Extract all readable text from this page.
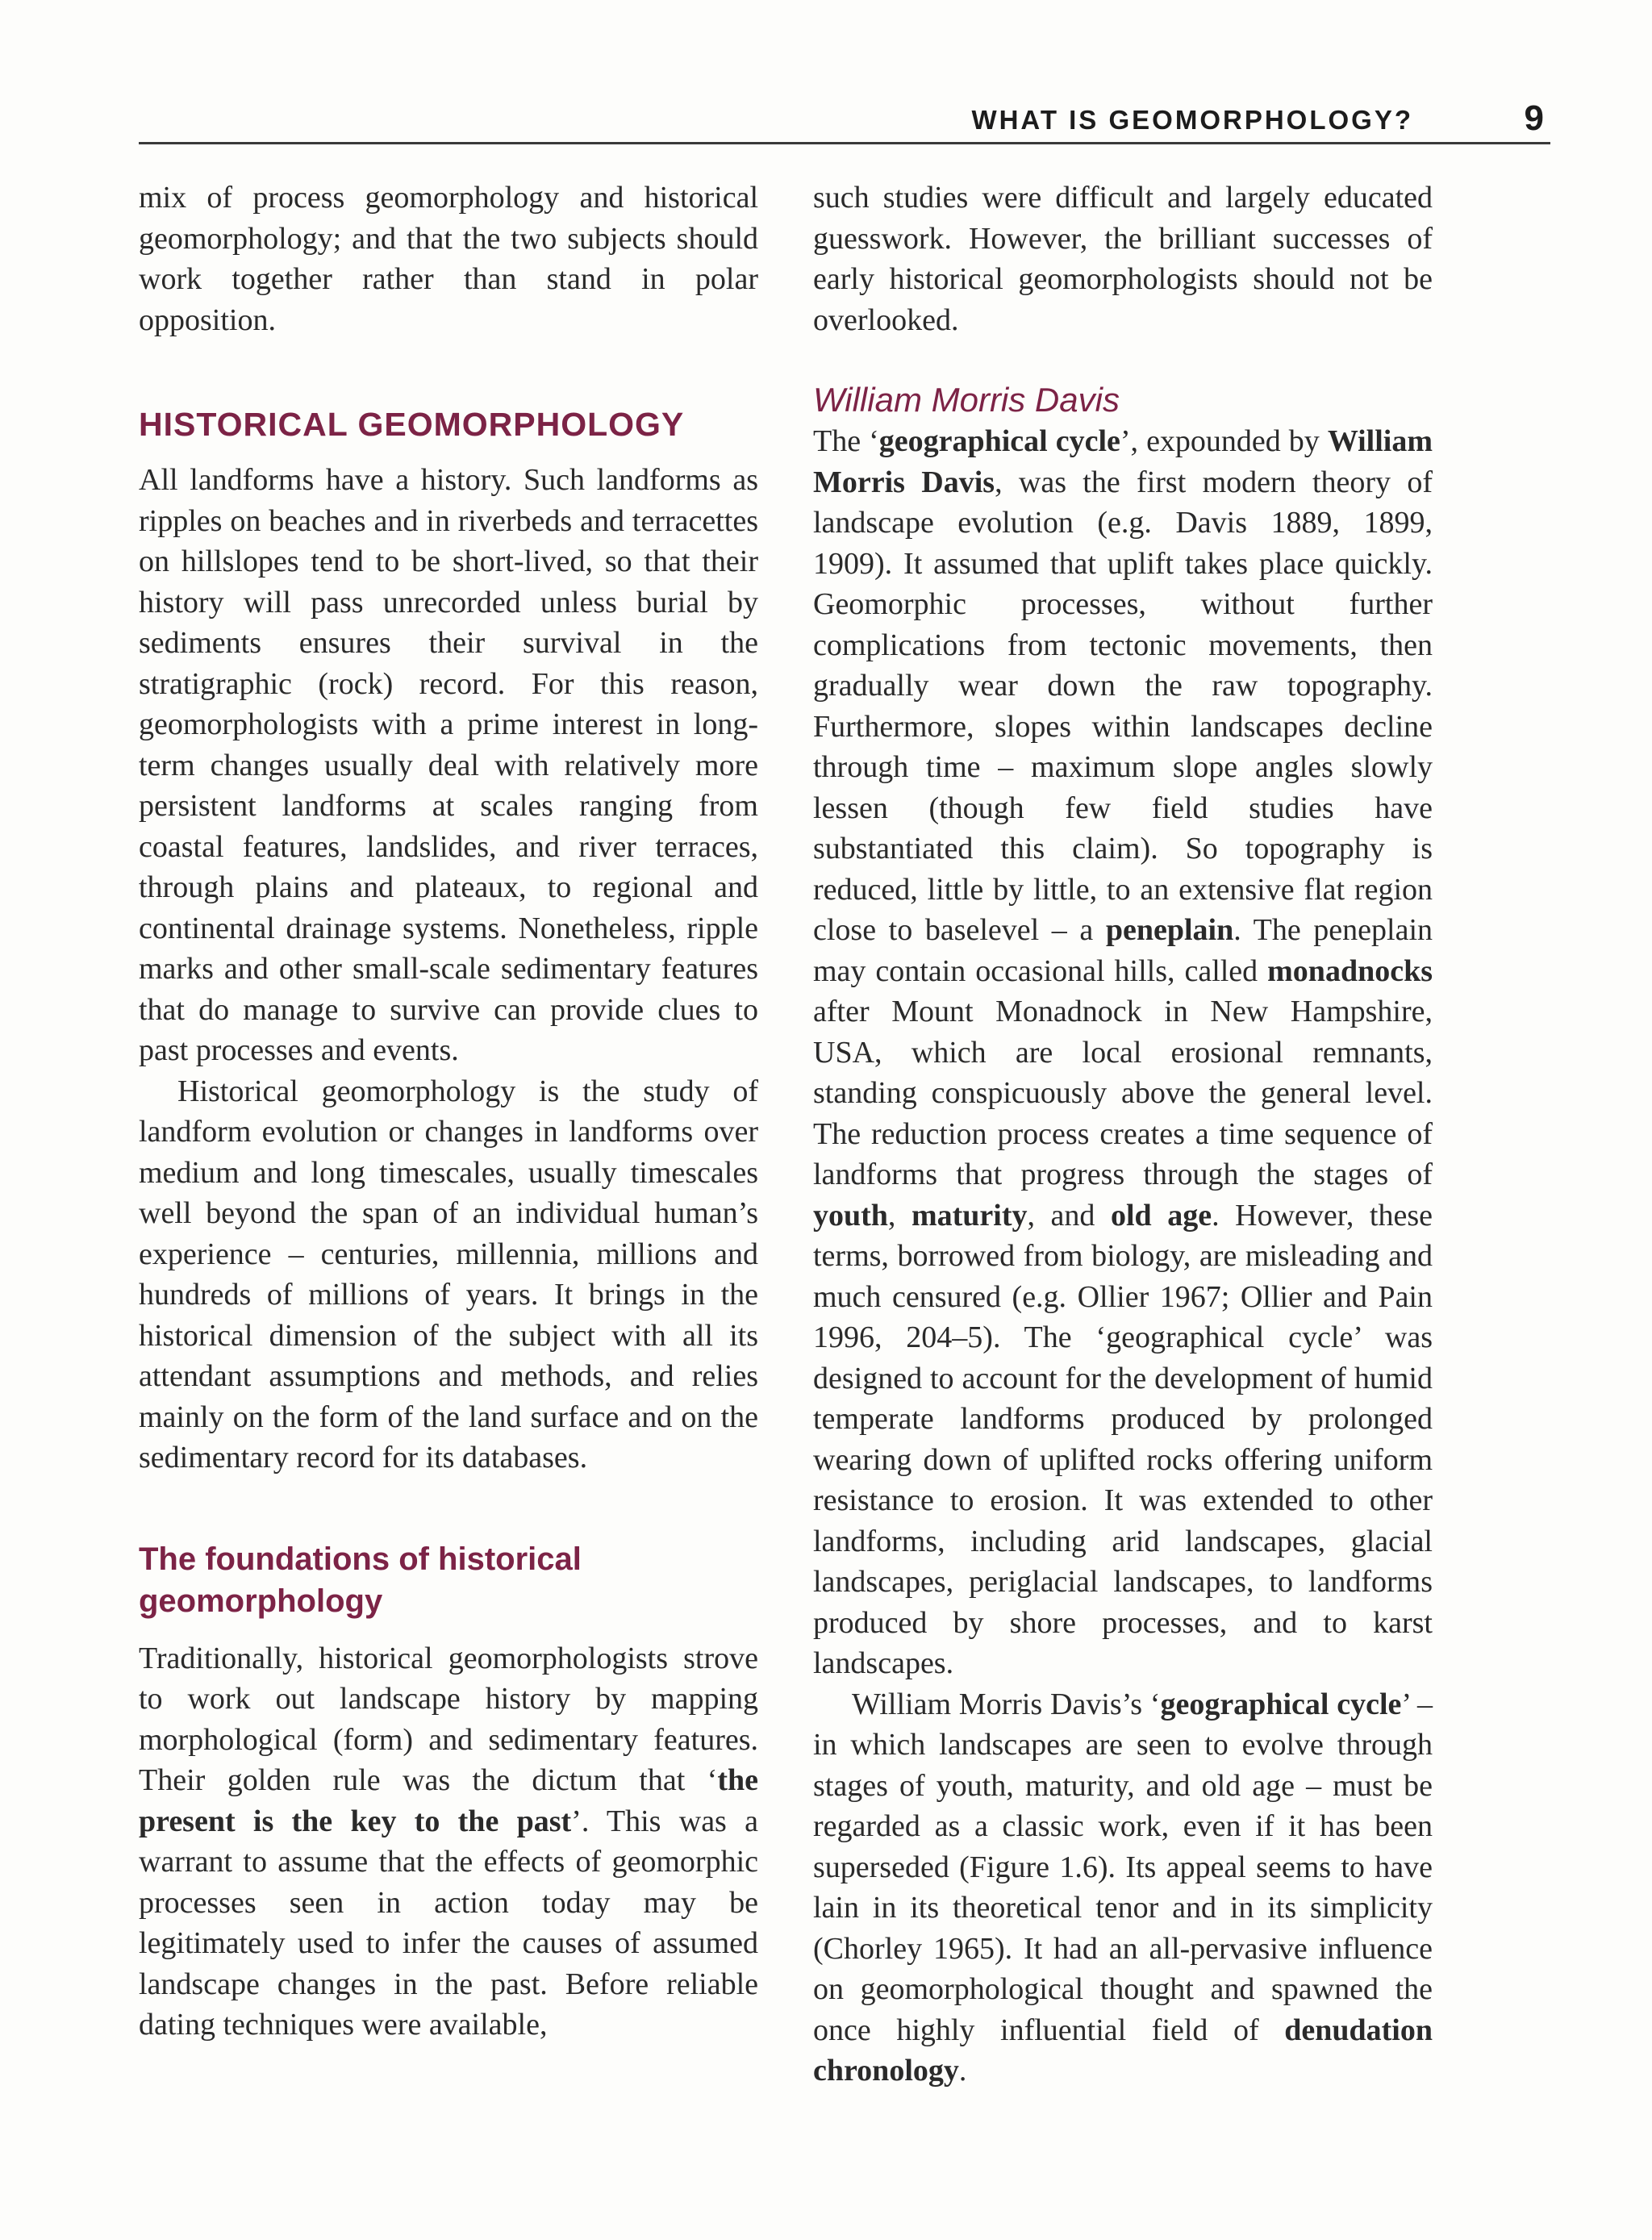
WHAT IS GEOMORPHOLOGY?	9

mix of process geomorphology and historical geomorphology; and that the two subjects should work together rather than stand in polar opposition.

HISTORICAL GEOMORPHOLOGY

All landforms have a history. Such landforms as ripples on beaches and in riverbeds and terracettes on hillslopes tend to be short-lived, so that their history will pass unrecorded unless burial by sediments ensures their survival in the stratigraphic (rock) record. For this reason, geomorphologists with a prime interest in long-term changes usually deal with relatively more persistent landforms at scales ranging from coastal features, landslides, and river terraces, through plains and plateaux, to regional and continental drainage systems. Nonetheless, ripple marks and other small-scale sedimentary features that do manage to survive can provide clues to past processes and events.

Historical geomorphology is the study of landform evolution or changes in landforms over medium and long timescales, usually timescales well beyond the span of an individual human’s experience – centuries, millennia, millions and hundreds of millions of years. It brings in the historical dimension of the subject with all its attendant assumptions and methods, and relies mainly on the form of the land surface and on the sedimentary record for its databases.

The foundations of historical geomorphology

Traditionally, historical geomorphologists strove to work out landscape history by mapping morphological (form) and sedimentary features. Their golden rule was the dictum that ‘the present is the key to the past’. This was a warrant to assume that the effects of geomorphic processes seen in action today may be legitimately used to infer the causes of assumed landscape changes in the past. Before reliable dating techniques were available,

such studies were difficult and largely educated guesswork. However, the brilliant successes of early historical geomorphologists should not be overlooked.

William Morris Davis

The ‘geographical cycle’, expounded by William Morris Davis, was the first modern theory of landscape evolution (e.g. Davis 1889, 1899, 1909). It assumed that uplift takes place quickly. Geomorphic processes, without further complications from tectonic movements, then gradually wear down the raw topography. Furthermore, slopes within landscapes decline through time – maximum slope angles slowly lessen (though few field studies have substantiated this claim). So topography is reduced, little by little, to an extensive flat region close to baselevel – a peneplain. The peneplain may contain occasional hills, called monadnocks after Mount Monadnock in New Hampshire, USA, which are local erosional remnants, standing conspicuously above the general level. The reduction process creates a time sequence of landforms that progress through the stages of youth, maturity, and old age. However, these terms, borrowed from biology, are misleading and much censured (e.g. Ollier 1967; Ollier and Pain 1996, 204–5). The ‘geographical cycle’ was designed to account for the development of humid temperate landforms produced by prolonged wearing down of uplifted rocks offering uniform resistance to erosion. It was extended to other landforms, including arid landscapes, glacial landscapes, periglacial landscapes, to landforms produced by shore processes, and to karst landscapes.

William Morris Davis’s ‘geographical cycle’ – in which landscapes are seen to evolve through stages of youth, maturity, and old age – must be regarded as a classic work, even if it has been superseded (Figure 1.6). Its appeal seems to have lain in its theoretical tenor and in its simplicity (Chorley 1965). It had an all-pervasive influence on geomorphological thought and spawned the once highly influential field of denudation chronology.
